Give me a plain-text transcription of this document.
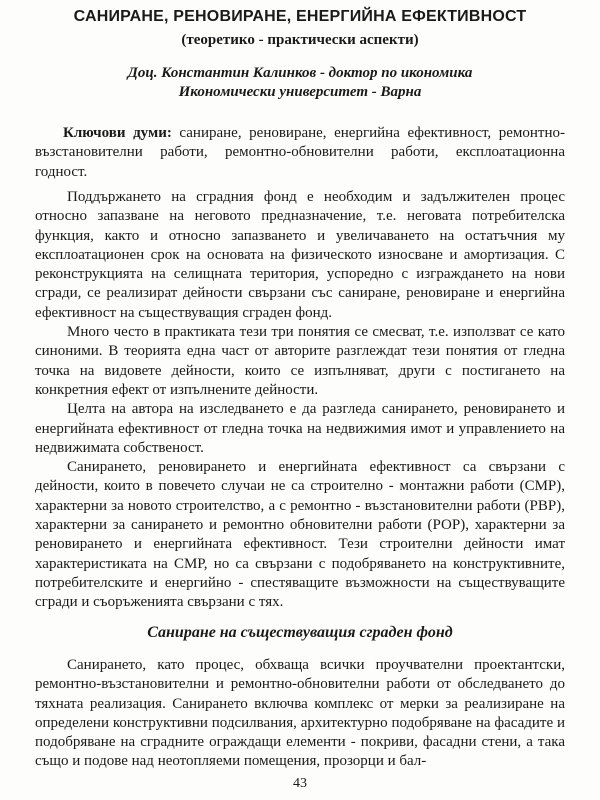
САНИРАНЕ, РЕНОВИРАНЕ, ЕНЕРГИЙНА ЕФЕКТИВНОСТ
(теоретико - практически аспекти)
Доц. Константин Калинков - доктор по икономика
Икономически университет - Варна

Ключови думи: саниране, реновиране, енергийна ефективност, ремонтно-възстановителни работи, ремонтно-обновителни работи, експлоатационна годност.

Поддържането на сградния фонд е необходим и задължителен процес относно запазване на неговото предназначение, т.е. неговата потребителска функция, както и относно запазването и увеличаването на остатъчния му експлоатационен срок на основата на физическото износване и амортизация. С реконструкцията на селищната територия, успоредно с изграждането на нови сгради, се реализират дейности свързани със саниране, реновиране и енергийна ефективност на съществуващия сграден фонд.

Много често в практиката тези три понятия се смесват, т.е. използват се като синоними. В теорията една част от авторите разглеждат тези понятия от гледна точка на видовете дейности, които се изпълняват, други с постигането на конкретния ефект от изпълнените дейности.

Целта на автора на изследването е да разгледа санирането, реновирането и енергийната ефективност от гледна точка на недвижимия имот и управлението на недвижимата собственост.

Санирането, реновирането и енергийната ефективност са свързани с дейности, които в повечето случаи не са строително - монтажни работи (СМР), характерни за новото строителство, а с ремонтно - възстановителни работи (РВР), характерни за санирането и ремонтно обновителни работи (РОР), характерни за реновирането и енергийната ефективност. Тези строителни дейности имат характеристиката на СМР, но са свързани с подобряването на конструктивните, потребителските и енергийно - спестяващите възможности на съществуващите сгради и съоръженията свързани с тях.

Саниране на съществуващия сграден фонд

Санирането, като процес, обхваща всички проучвателни проектантски, ремонтно-възстановителни и ремонтно-обновителни работи от обследването до тяхната реализация. Санирането включва комплекс от мерки за реализиране на определени конструктивни подсилвания, архитектурно подобряване на фасадите и подобряване на сградните ограждащи елементи - покриви, фасадни стени, а така също и подове над неотопляеми помещения, прозорци и бал-

43
